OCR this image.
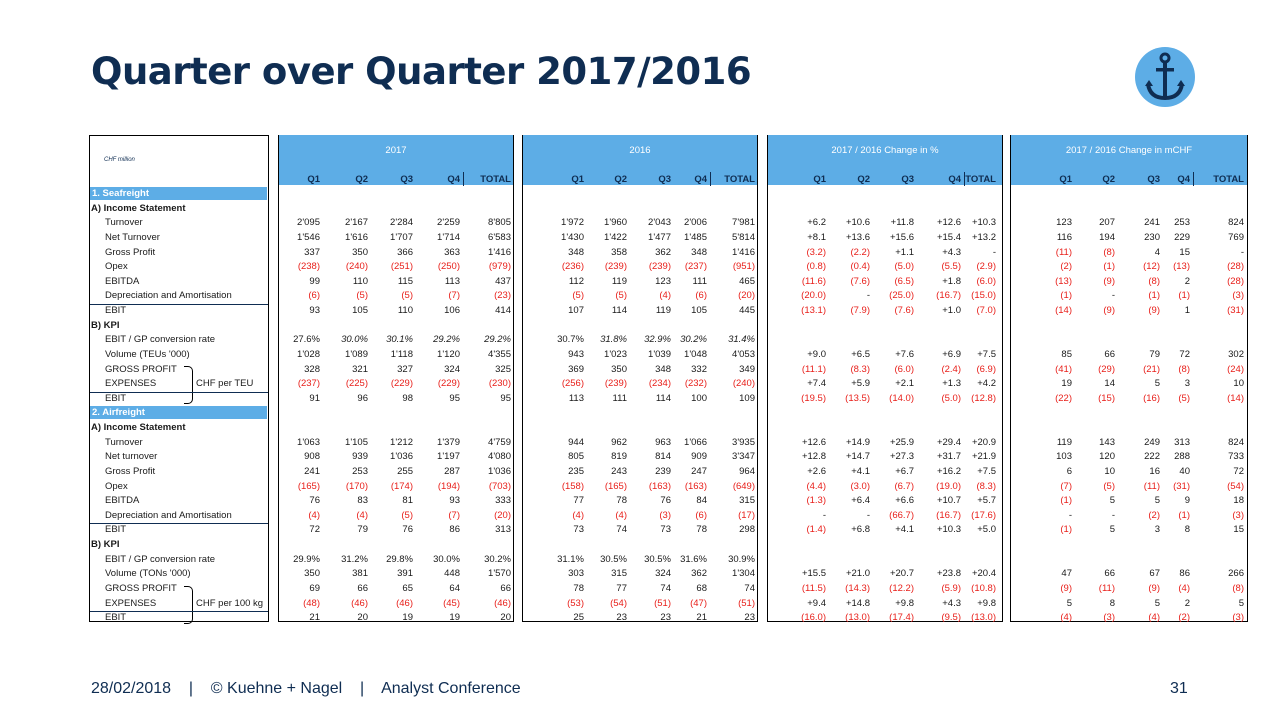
Quarter over Quarter 2017/2016
CHF million
2017
Q1	Q2	Q3	Q4	TOTAL
2016
Q1	Q2	Q3	Q4	TOTAL
2017 / 2016 Change in %
Q1	Q2	Q3	Q4 TOTAL
2017 / 2016 Change in mCHF
Q1	Q2	Q3	Q4	TOTAL
1. Seafreight
A) Income Statement
Turnover	2'095	2'167	2'284	2'259	8'805	1'972	1'960	2'043	2'006	7'981	+6.2	+10.6	+11.8	+12.6	+10.3	123	207	241	253	824
Net Turnover	1'546	1'616	1'707	1'714	6'583	1'430	1'422	1'477	1'485	5'814	+8.1	+13.6	+15.6	+15.4	+13.2	116	194	230	229	769
Gross Profit	337	350	366	363	1'416	348	358	362	348	1'416	(3.2)	(2.2)	+1.1	+4.3	-	(11)	(8)	4	15	-
Opex	(238)	(240)	(251)	(250)	(979)	(236)	(239)	(239)	(237)	(951)	(0.8)	(0.4)	(5.0)	(5.5)	(2.9)	(2)	(1)	(12)	(13)	(28)
EBITDA	99	110	115	113	437	112	119	123	111	465	(11.6)	(7.6)	(6.5)	+1.8	(6.0)	(13)	(9)	(8)	2	(28)
Depreciation and Amortisation	(6)	(5)	(5)	(7)	(23)	(5)	(5)	(4)	(6)	(20)	(20.0)	-	(25.0)	(16.7)	(15.0)	(1)	-	(1)	(1)	(3)
EBIT	93	105	110	106	414	107	114	119	105	445	(13.1)	(7.9)	(7.6)	+1.0	(7.0)	(14)	(9)	(9)	1	(31)
B) KPI
EBIT / GP conversion rate	27.6%	30.0%	30.1%	29.2%	29.2%	30.7%	31.8%	32.9% 30.2%	31.4%
Volume (TEUs '000)	1'028	1'089	1'118	1'120	4'355	943	1'023	1'039	1'048	4'053	+9.0	+6.5	+7.6	+6.9	+7.5	85	66	79	72	302
GROSS PROFIT	328	321	327	324	325	369	350	348	332	349	(11.1)	(8.3)	(6.0)	(2.4)	(6.9)	(41)	(29)	(21)	(8)	(24)
EXPENSES	CHF per TEU	(237)	(225)	(229)	(229)	(230)	(256)	(239)	(234)	(232)	(240)	+7.4	+5.9	+2.1	+1.3	+4.2	19	14	5	3	10
EBIT	91	96	98	95	95	113	111	114	100	109	(19.5)	(13.5)	(14.0)	(5.0)	(12.8)	(22)	(15)	(16)	(5)	(14)
2. Airfreight
A) Income Statement
Turnover	1'063	1'105	1'212	1'379	4'759	944	962	963	1'066	3'935	+12.6	+14.9	+25.9	+29.4	+20.9	119	143	249	313	824
Net turnover	908	939	1'036	1'197	4'080	805	819	814	909	3'347	+12.8	+14.7	+27.3	+31.7	+21.9	103	120	222	288	733
Gross Profit	241	253	255	287	1'036	235	243	239	247	964	+2.6	+4.1	+6.7	+16.2	+7.5	6	10	16	40	72
Opex	(165)	(170)	(174)	(194)	(703)	(158)	(165)	(163)	(163)	(649)	(4.4)	(3.0)	(6.7)	(19.0)	(8.3)	(7)	(5)	(11)	(31)	(54)
EBITDA	76	83	81	93	333	77	78	76	84	315	(1.3)	+6.4	+6.6	+10.7	+5.7	(1)	5	5	9	18
Depreciation and Amortisation	(4)	(4)	(5)	(7)	(20)	(4)	(4)	(3)	(6)	(17)	-	-	(66.7)	(16.7)	(17.6)	-	-	(2)	(1)	(3)
EBIT	72	79	76	86	313	73	74	73	78	298	(1.4)	+6.8	+4.1	+10.3	+5.0	(1)	5	3	8	15
B) KPI
EBIT / GP conversion rate	29.9%	31.2%	29.8%	30.0%	30.2%	31.1%	30.5%	30.5% 31.6%	30.9%
Volume (TONs '000)	350	381	391	448	1'570	303	315	324	362	1'304	+15.5	+21.0	+20.7	+23.8	+20.4	47	66	67	86	266
GROSS PROFIT	69	66	65	64	66	78	77	74	68	74	(11.5)	(14.3)	(12.2)	(5.9)	(10.8)	(9)	(11)	(9)	(4)	(8)
EXPENSES	CHF per 100 kg	(48)	(46)	(46)	(45)	(46)	(53)	(54)	(51)	(47)	(51)	+9.4	+14.8	+9.8	+4.3	+9.8	5	8	5	2	5
EBIT	21	20	19	19	20	25	23	23	21	23	(16.0)	(13.0)	(17.4)	(9.5)	(13.0)	(4)	(3)	(4)	(2)	(3)
28/02/2018    |    © Kuehne + Nagel    |    Analyst Conference	31
